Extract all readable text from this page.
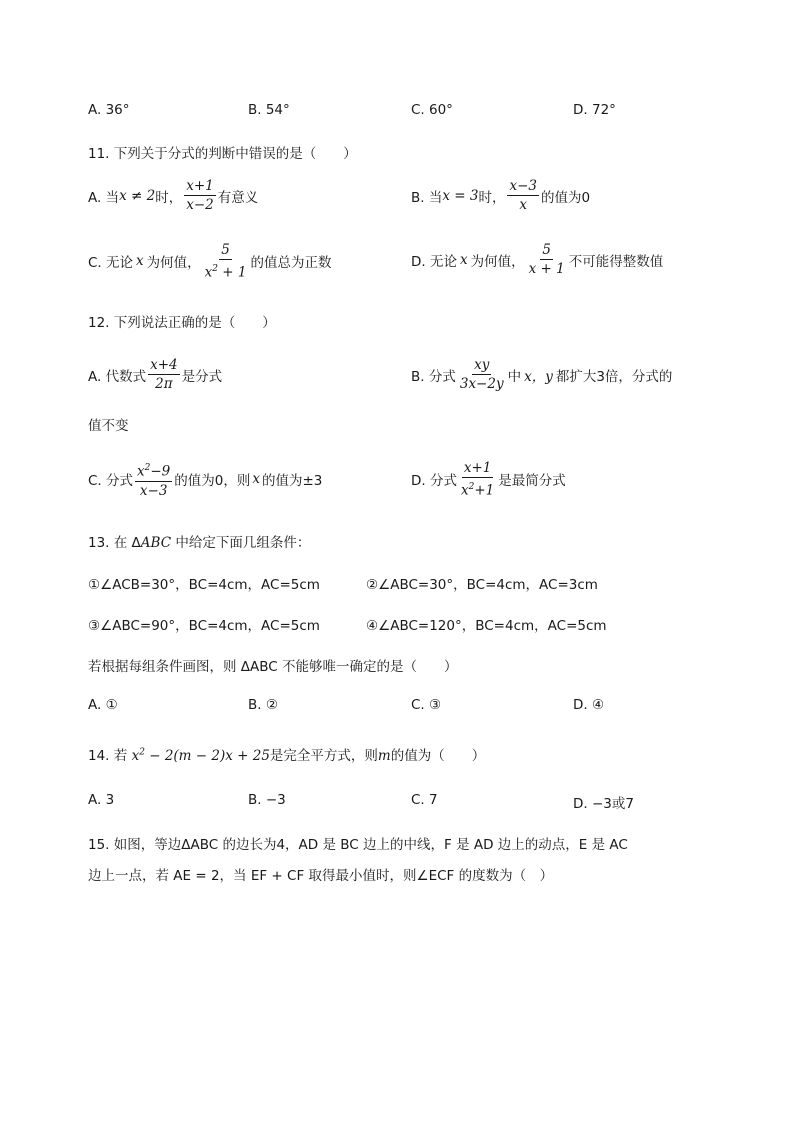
A. 36°	B. 54°	C. 60°	D. 72°
11. 下列关于分式的判断中错误的是（　　）
A. 当 x ≠ 2 时， $\frac{x+1}{x-2}$ 有意义	B. 当 x = 3 时， $\frac{x-3}{x}$ 的值为0
C. 无论 x 为何值， $\frac{5}{x^2 + 1}$ 的值总为正数	D. 无论 x 为何值， $\frac{5}{x + 1}$ 不可能得整数值
12. 下列说法正确的是（　　）
A. 代数式 $\frac{x+4}{2\pi}$ 是分式	B. 分式 $\frac{xy}{3x-2y}$ 中 x，y 都扩大3倍，分式的
值不变
C. 分式 $\frac{x^2-9}{x-3}$ 的值为0，则 x 的值为±3	D. 分式 $\frac{x+1}{x^2+1}$ 是最简分式
13. 在 ΔABC 中给定下面几组条件：
①∠ACB=30°，BC=4cm，AC=5cm	②∠ABC=30°，BC=4cm，AC=3cm
③∠ABC=90°，BC=4cm，AC=5cm	④∠ABC=120°，BC=4cm，AC=5cm
若根据每组条件画图，则 ΔABC 不能够唯一确定的是（　　）
A. ①	B. ②	C. ③	D. ④
14. 若 $x^2 - 2(m - 2)x + 25$是完全平方式，则m的值为（　　）
A. 3	B. −3	C. 7	D. −3或7
15. 如图，等边ΔABC 的边长为4，AD 是 BC 边上的中线，F 是 AD 边上的动点，E 是 AC
边上一点，若 AE = 2，当 EF + CF 取得最小值时，则∠ECF 的度数为（　）
